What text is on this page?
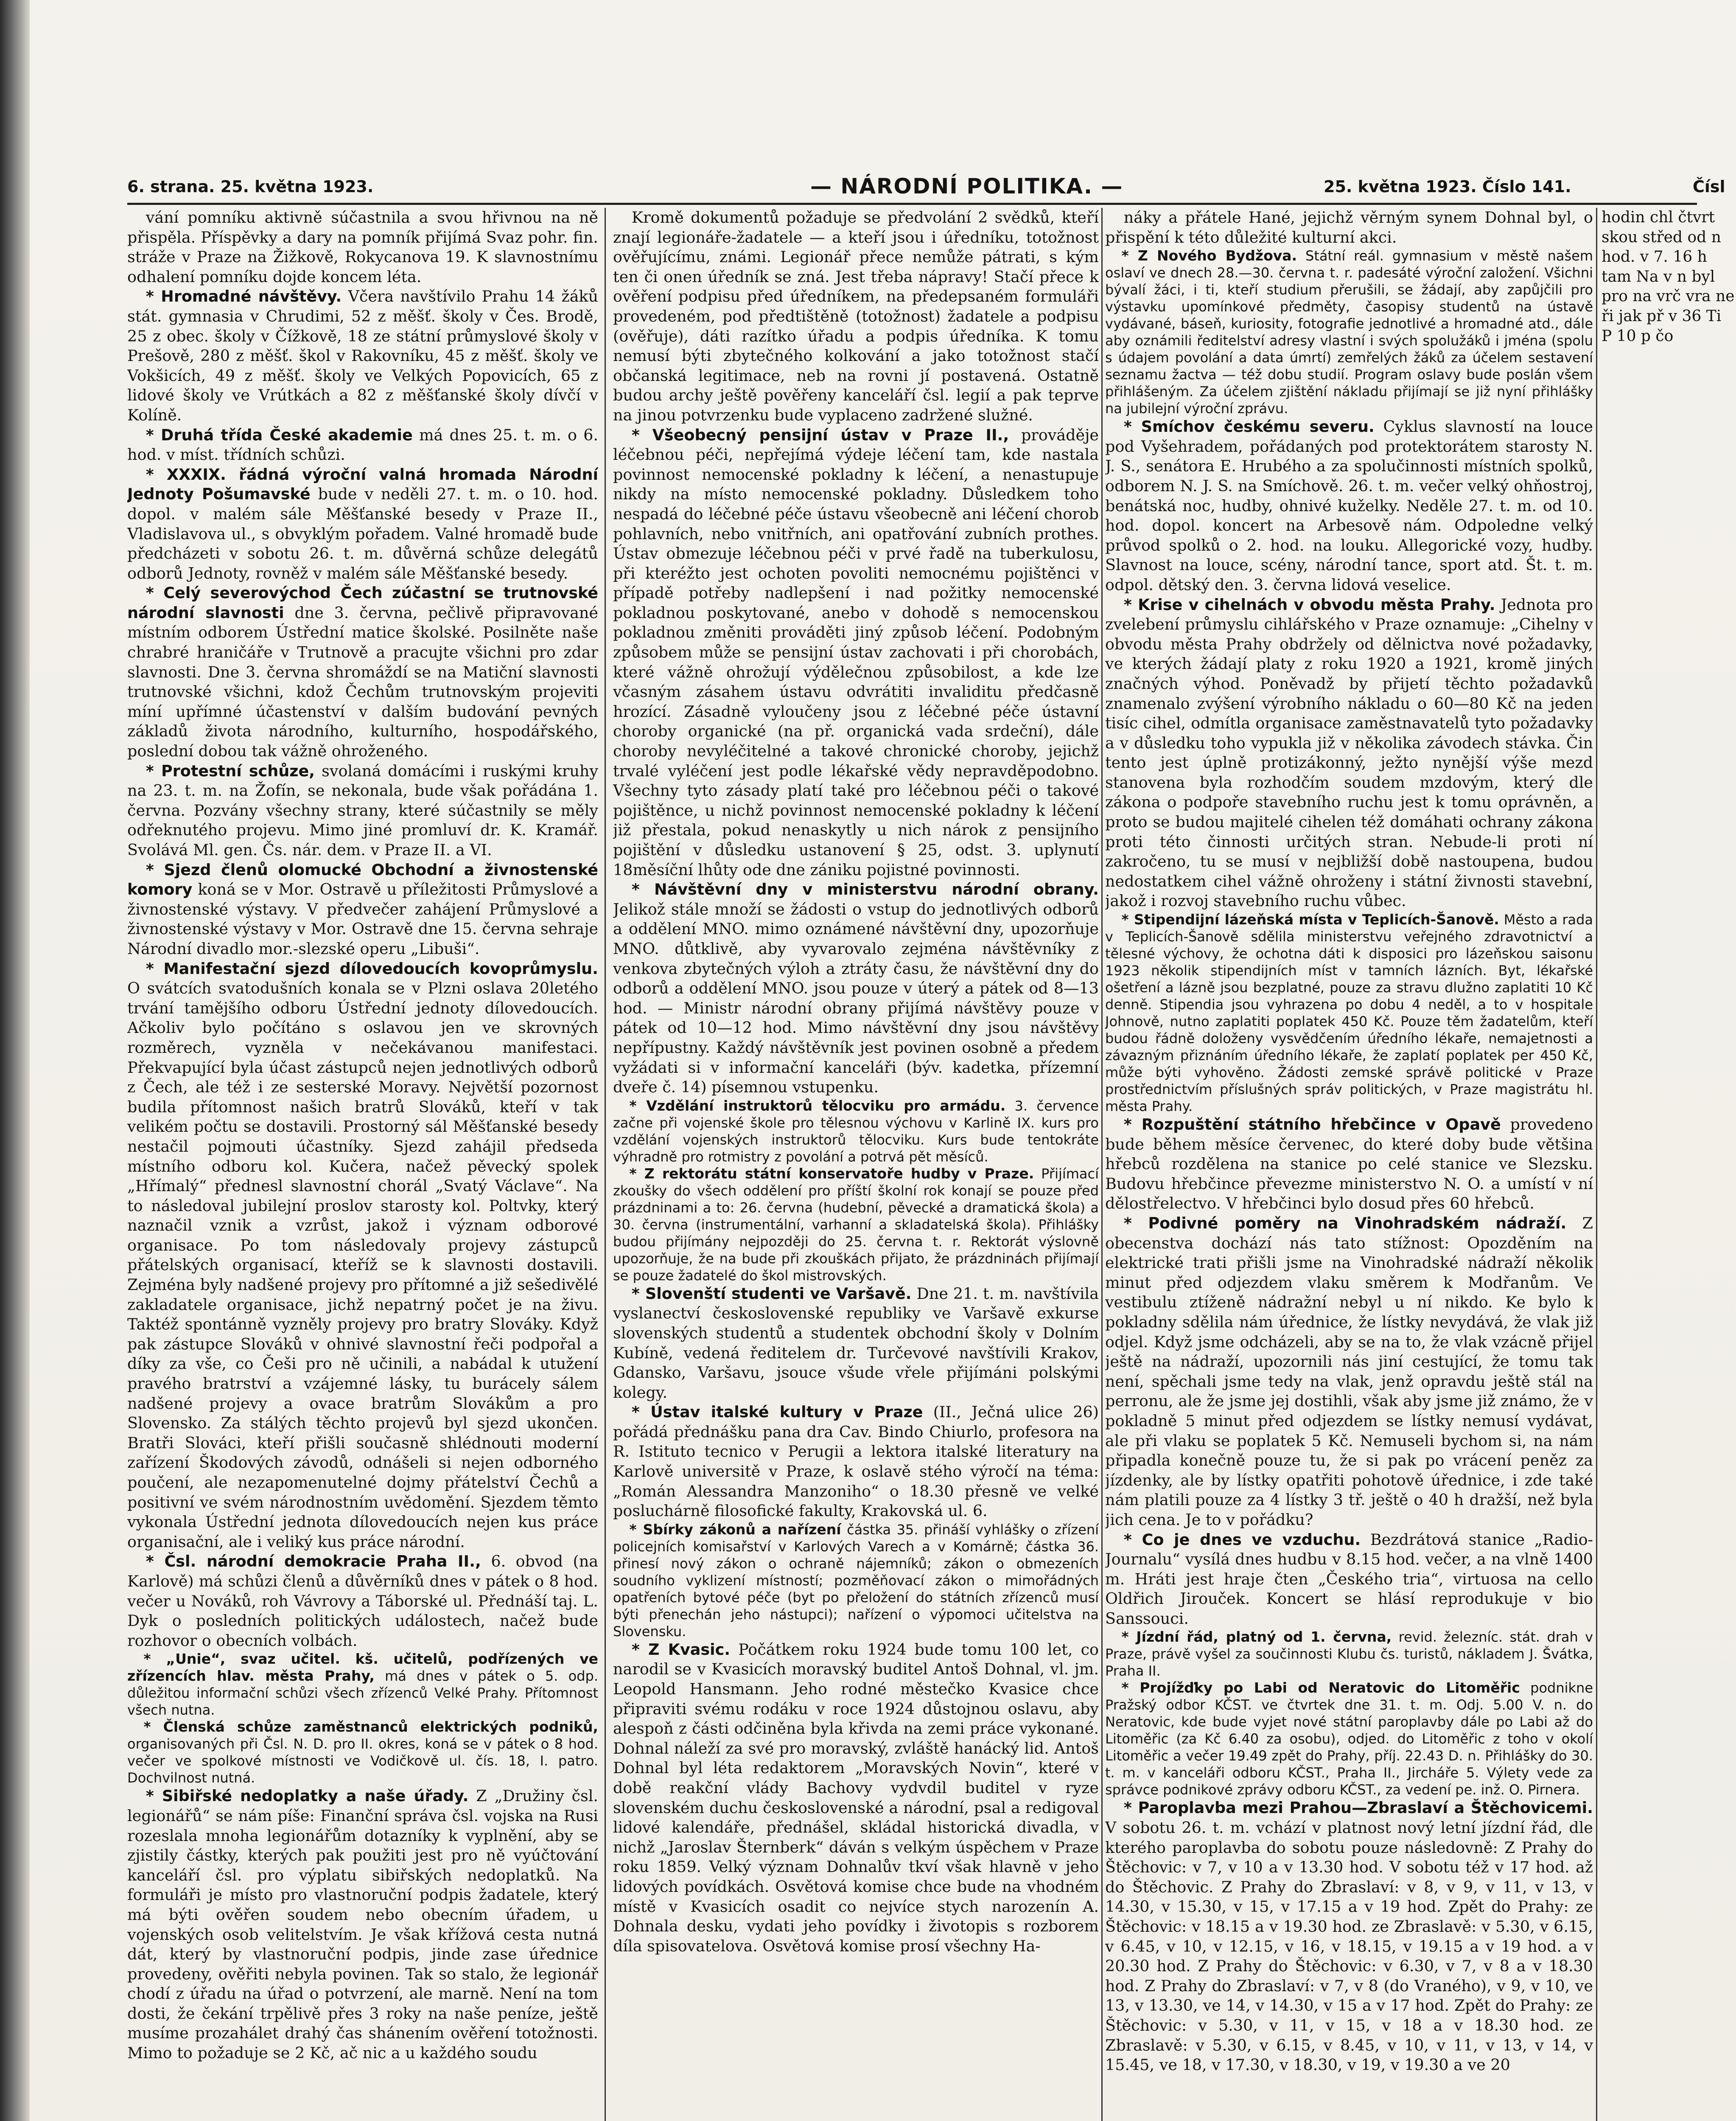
6. strana. 25. května 1923.	— NÁRODNÍ POLITIKA. —	25. května 1923. Číslo 141.	Čísl

vání pomníku aktivně súčastnila a svou hřivnou na ně přispěla. Příspěvky a dary na pomník přijímá Svaz pohr. fin. stráže v Praze na Žižkově, Rokycanova 19. K slavnostnímu odhalení pomníku dojde koncem léta.

* Hromadné návštěvy. Včera navštívilo Prahu 14 žáků stát. gymnasia v Chrudimi, 52 z měšť. školy v Čes. Brodě, 25 z obec. školy v Čížkově, 18 ze státní průmyslové školy v Prešově, 280 z měšť. škol v Rakovníku, 45 z měšť. školy ve Vokšicích, 49 z měšť. školy ve Velkých Popovicích, 65 z lidové školy ve Vrútkách a 82 z měšťanské školy dívčí v Kolíně.

* Druhá třída České akademie má dnes 25. t. m. o 6. hod. v míst. třídních schůzi.

* XXXIX. řádná výroční valná hromada Národní Jednoty Pošumavské bude v neděli 27. t. m. o 10. hod. dopol. v malém sále Měšťanské besedy v Praze II., Vladislavova ul., s obvyklým pořadem. Valné hromadě bude předcházeti v sobotu 26. t. m. důvěrná schůze delegátů odborů Jednoty, rovněž v malém sále Měšťanské besedy.

* Celý severovýchod Čech zúčastní se trutnovské národní slavnosti dne 3. června, pečlivě připravované místním odborem Ústřední matice školské. Posilněte naše chrabré hraničáře v Trutnově a pracujte všichni pro zdar slavnosti. Dne 3. června shromáždí se na Matiční slavnosti trutnovské všichni, kdož Čechům trutnovským projeviti míní upřímné účastenství v dalším budování pevných základů života národního, kulturního, hospodářského, poslední dobou tak vážně ohroženého.

* Protestní schůze, svolaná domácími i ruskými kruhy na 23. t. m. na Žofín, se nekonala, bude však pořádána 1. června. Pozvány všechny strany, které súčastnily se měly odřeknutého projevu. Mimo jiné promluví dr. K. Kramář. Svolává Ml. gen. Čs. nár. dem. v Praze II. a VI.

* Sjezd členů olomucké Obchodní a živnostenské komory koná se v Mor. Ostravě u příležitosti Průmyslové a živnostenské výstavy. V předvečer zahájení Průmyslové a živnostenské výstavy v Mor. Ostravě dne 15. června sehraje Národní divadlo mor.-slezské operu „Libuši“.

* Manifestační sjezd dílovedoucích kovoprůmyslu. O svátcích svatodušních konala se v Plzni oslava 20letého trvání tamějšího odboru Ústřední jednoty dílovedoucích. Ačkoliv bylo počítáno s oslavou jen ve skrovných rozměrech, vyzněla v nečekávanou manifestaci. Překvapující byla účast zástupců nejen jednotlivých odborů z Čech, ale též i ze sesterské Moravy. Největší pozornost budila přítomnost našich bratrů Slováků, kteří v tak velikém počtu se dostavili. Prostorný sál Měšťanské besedy nestačil pojmouti účastníky. Sjezd zahájil předseda místního odboru kol. Kučera, načež pěvecký spolek „Hřímalý“ přednesl slavnostní chorál „Svatý Václave“. Na to následoval jubilejní proslov starosty kol. Poltvky, který naznačil vznik a vzrůst, jakož i význam odborové organisace. Po tom následovaly projevy zástupců přátelských organisací, kteříž se k slavnosti dostavili. Zejména byly nadšené projevy pro přítomné a již sešedivělé zakladatele organisace, jichž nepatrný počet je na živu. Taktéž spontánně vyzněly projevy pro bratry Slováky. Když pak zástupce Slováků v ohnivé slavnostní řeči podpořal a díky za vše, co Češi pro ně učinili, a nabádal k utužení pravého bratrství a vzájemné lásky, tu burácely sálem nadšené projevy a ovace bratrům Slovákům a pro Slovensko. Za stálých těchto projevů byl sjezd ukončen. Bratři Slováci, kteří přišli současně shlédnouti moderní zařízení Škodových závodů, odnášeli si nejen odborného poučení, ale nezapomenutelné dojmy přátelství Čechů a positivní ve svém národnostním uvědomění. Sjezdem těmto vykonala Ústřední jednota dílovedoucích nejen kus práce organisační, ale i veliký kus práce národní.

* Čsl. národní demokracie Praha II., 6. obvod (na Karlově) má schůzi členů a důvěrníků dnes v pátek o 8 hod. večer u Nováků, roh Vávrovy a Táborské ul. Přednáší taj. L. Dyk o posledních politických událostech, načež bude rozhovor o obecních volbách.

* „Unie“, svaz učitel. kš. učitelů, podřízených ve zřízencích hlav. města Prahy, má dnes v pátek o 5. odp. důležitou informační schůzi všech zřízenců Velké Prahy. Přítomnost všech nutna.

* Členská schůze zaměstnanců elektrických podniků, organisovaných při Čsl. N. D. pro II. okres, koná se v pátek o 8 hod. večer ve spolkové místnosti ve Vodičkově ul. čís. 18, I. patro. Dochvilnost nutná.

* Sibiřské nedoplatky a naše úřady. Z „Družiny čsl. legionářů“ se nám píše: Finanční správa čsl. vojska na Rusi rozeslala mnoha legionářům dotazníky k vyplnění, aby se zjistily částky, kterých pak použiti jest pro ně vyúčtování kanceláří čsl. pro výplatu sibiřských nedoplatků. Na formuláři je místo pro vlastnoruční podpis žadatele, který má býti ověřen soudem nebo obecním úřadem, u vojenských osob velitelstvím. Je však křížová cesta nutná dát, který by vlastnoruční podpis, jinde zase úřednice provedeny, ověřiti nebyla povinen. Tak so stalo, že legionář chodí z úřadu na úřad o potvrzení, ale marně. Není na tom dosti, že čekání trpělivě přes 3 roky na naše peníze, ještě musíme prozahálet drahý čas shánením ověření totožnosti. Mimo to požaduje se 2 Kč, ač nic a u každého soudu

Kromě dokumentů požaduje se předvolání 2 svědků, kteří znají legionáře-žadatele — a kteří jsou i úředníku, totožnost ověřujícímu, známi. Legionář přece nemůže pátrati, s kým ten či onen úředník se zná. Jest třeba nápravy! Stačí přece k ověření podpisu před úředníkem, na předepsaném formuláři provedeném, pod předtištěně (totožnost) žadatele a podpisu (ověřuje), dáti razítko úřadu a podpis úředníka. K tomu nemusí býti zbytečného kolkování a jako totožnost stačí občanská legitimace, neb na rovni jí postavená. Ostatně budou archy ještě pověřeny kanceláří čsl. legií a pak teprve na jinou potvrzenku bude vyplaceno zadržené služné.

* Všeobecný pensijní ústav v Praze II., prováděje léčebnou péči, nepřejímá výdeje léčení tam, kde nastala povinnost nemocenské pokladny k léčení, a nenastupuje nikdy na místo nemocenské pokladny. Důsledkem toho nespadá do léčebné péče ústavu všeobecně ani léčení chorob pohlavních, nebo vnitřních, ani opatřování zubních prothes. Ústav obmezuje léčebnou péči v prvé řadě na tuberkulosu, při kteréžto jest ochoten povoliti nemocnému pojištěnci v případě potřeby nadlepšení i nad požitky nemocenské pokladnou poskytované, anebo v dohodě s nemocenskou pokladnou změniti prováděti jiný způsob léčení. Podobným způsobem může se pensijní ústav zachovati i při chorobách, které vážně ohrožují výdělečnou způsobilost, a kde lze včasným zásahem ústavu odvrátiti invaliditu předčasně hrozící. Zásadně vyloučeny jsou z léčebné péče ústavní choroby organické (na př. organická vada srdeční), dále choroby nevyléčitelné a takové chronické choroby, jejichž trvalé vyléčení jest podle lékařské vědy nepravděpodobno. Všechny tyto zásady platí také pro léčebnou péči o takové pojištěnce, u nichž povinnost nemocenské pokladny k léčení již přestala, pokud nenaskytly u nich nárok z pensijního pojištění v důsledku ustanovení § 25, odst. 3. uplynutí 18měsíční lhůty ode dne zániku pojistné povinnosti.

* Návštěvní dny v ministerstvu národní obrany. Jelikož stále množí se žádosti o vstup do jednotlivých odborů a oddělení MNO. mimo oznámené návštěvní dny, upozorňuje MNO. důtklivě, aby vyvarovalo zejména návštěvníky z venkova zbytečných výloh a ztráty času, že návštěvní dny do odborů a oddělení MNO. jsou pouze v úterý a pátek od 8—13 hod. — Ministr národní obrany přijímá návštěvy pouze v pátek od 10—12 hod. Mimo návštěvní dny jsou návštěvy nepřípustny. Každý návštěvník jest povinen osobně a předem vyžádati si v informační kanceláři (býv. kadetka, přízemní dveře č. 14) písemnou vstupenku.

* Vzdělání instruktorů tělocviku pro armádu. 3. července začne při vojenské škole pro tělesnou výchovu v Karlině IX. kurs pro vzdělání vojenských instruktorů tělocviku. Kurs bude tentokráte výhradně pro rotmistry z povolání a potrvá pět měsíců.

* Z rektorátu státní konservatoře hudby v Praze. Přijímací zkoušky do všech oddělení pro příští školní rok konají se pouze před prázdninami a to: 26. června (hudební, pěvecké a dramatická škola) a 30. června (instrumentální, varhanní a skladatelská škola). Přihlášky budou přijímány nejpozději do 25. června t. r. Rektorát výslovně upozorňuje, že na bude při zkouškách přijato, že prázdninách přijímají se pouze žadatelé do škol mistrovských.

* Slovenští studenti ve Varšavě. Dne 21. t. m. navštívila vyslanectví československé republiky ve Varšavě exkurse slovenských studentů a studentek obchodní školy v Dolním Kubíně, vedená ředitelem dr. Turčevové navštívili Krakov, Gdansko, Varšavu, jsouce všude vřele přijímáni polskými kolegy.

* Ústav italské kultury v Praze (II., Ječná ulice 26) pořádá přednášku pana dra Cav. Bindo Chiurlo, profesora na R. Istituto tecnico v Perugii a lektora italské literatury na Karlově universitě v Praze, k oslavě stého výročí na téma: „Román Alessandra Manzoniho“ o 18.30 přesně ve velké posluchárně filosofické fakulty, Krakovská ul. 6.

* Sbírky zákonů a nařízení částka 35. přináší vyhlášky o zřízení policejních komisařství v Karlových Varech a v Komárně; částka 36. přinesí nový zákon o ochraně nájemníků; zákon o obmezeních soudního vyklizení místností; pozměňovací zákon o mimořádných opatřeních bytové péče (byt po přeložení do státních zřízenců musí býti přenechán jeho nástupci); nařízení o výpomoci učitelstva na Slovensku.

* Z Kvasic. Počátkem roku 1924 bude tomu 100 let, co narodil se v Kvasicích moravský buditel Antoš Dohnal, vl. jm. Leopold Hansmann. Jeho rodné městečko Kvasice chce připraviti svému rodáku v roce 1924 důstojnou oslavu, aby alespoň z části odčiněna byla křivda na zemi práce vykonané. Dohnal náleží za své pro moravský, zvláště hanácký lid. Antoš Dohnal byl léta redaktorem „Moravských Novin“, které v době reakční vlády Bachovy vydvdil buditel v ryze slovenském duchu československé a národní, psal a redigoval lidové kalendáře, přednášel, skládal historická divadla, v nichž „Jaroslav Šternberk“ dáván s velkým úspěchem v Praze roku 1859. Velký význam Dohnalův tkví však hlavně v jeho lidových povídkách. Osvětová komise chce bude na vhodném místě v Kvasicích osadit co nejvíce stych narozenín A. Dohnala desku, vydati jeho povídky i životopis s rozborem díla spisovatelova. Osvětová komise prosí všechny Ha-

náky a přátele Hané, jejichž věrným synem Dohnal byl, o přispění k této důležité kulturní akci.

* Z Nového Bydžova. Státní reál. gymnasium v městě našem oslaví ve dnech 28.—30. června t. r. padesáté výroční založení. Všichni bývalí žáci, i ti, kteří studium přerušili, se žádají, aby zapůjčili pro výstavku upomínkové předměty, časopisy studentů na ústavě vydávané, báseň, kuriosity, fotografie jednotlivé a hromadné atd., dále aby oznámili ředitelství adresy vlastní i svých spolužáků i jména (spolu s údajem povolání a data úmrtí) zemřelých žáků za účelem sestavení seznamu žactva — též dobu studií. Program oslavy bude poslán všem přihlášeným. Za účelem zjištění nákladu přijímají se již nyní přihlášky na jubilejní výroční zprávu.

* Smíchov českému severu. Cyklus slavností na louce pod Vyšehradem, pořádaných pod protektorátem starosty N. J. S., senátora E. Hrubého a za spolučinnosti místních spolků, odborem N. J. S. na Smíchově. 26. t. m. večer velký ohňostroj, benátská noc, hudby, ohnivé kuželky. Neděle 27. t. m. od 10. hod. dopol. koncert na Arbesově nám. Odpoledne velký průvod spolků o 2. hod. na louku. Allegorické vozy, hudby. Slavnost na louce, scény, národní tance, sport atd. Št. t. m. odpol. dětský den. 3. června lidová veselice.

* Krise v cihelnách v obvodu města Prahy. Jednota pro zvelebení průmyslu cihlářského v Praze oznamuje: „Cihelny v obvodu města Prahy obdržely od dělnictva nové požadavky, ve kterých žádají platy z roku 1920 a 1921, kromě jiných značných výhod. Poněvadž by přijetí těchto požadavků znamenalo zvýšení výrobního nákladu o 60—80 Kč na jeden tisíc cihel, odmítla organisace zaměstnavatelů tyto požadavky a v důsledku toho vypukla již v několika závodech stávka. Čin tento jest úplně protizákonný, ježto nynější výše mezd stanovena byla rozhodčím soudem mzdovým, který dle zákona o podpoře stavebního ruchu jest k tomu oprávněn, a proto se budou majitelé cihelen též domáhati ochrany zákona proti této činnosti určitých stran. Nebude-li proti ní zakročeno, tu se musí v nejbližší době nastoupena, budou nedostatkem cihel vážně ohroženy i státní živnosti stavební, jakož i rozvoj stavebního ruchu vůbec.

* Stipendijní lázeňská místa v Teplicích-Šanově. Město a rada v Teplicích-Šanově sdělila ministerstvu veřejného zdravotnictví a tělesné výchovy, že ochotna dáti k disposici pro lázeňskou saisonu 1923 několik stipendijních míst v tamních lázních. Byt, lékařské ošetření a lázně jsou bezplatné, pouze za stravu dlužno zaplatiti 10 Kč denně. Stipendia jsou vyhrazena po dobu 4 neděl, a to v hospitale Johnově, nutno zaplatiti poplatek 450 Kč. Pouze těm žadatelům, kteří budou řádně doloženy vysvědčením úředního lékaře, nemajetnosti a závazným přiznáním úředního lékaře, že zaplatí poplatek per 450 Kč, může býti vyhověno. Žádosti zemské správě politické v Praze prostřednictvím příslušných správ politických, v Praze magistrátu hl. města Prahy.

* Rozpuštění státního hřebčince v Opavě provedeno bude během měsíce červenec, do které doby bude většina hřebců rozdělena na stanice po celé stanice ve Slezsku. Budovu hřebčince převezme ministerstvo N. O. a umístí v ní dělostřelectvo. V hřebčinci bylo dosud přes 60 hřebců.

* Podivné poměry na Vinohradském nádraží. Z obecenstva dochází nás tato stížnost: Opozděním na elektrické trati přišli jsme na Vinohradské nádraží několik minut před odjezdem vlaku směrem k Modřanům. Ve vestibulu ztíženě nádražní nebyl u ní nikdo. Ke bylo k pokladny sdělila nám úřednice, že lístky nevydává, že vlak již odjel. Když jsme odcházeli, aby se na to, že vlak vzácně přijel ještě na nádraží, upozornili nás jiní cestující, že tomu tak není, spěchali jsme tedy na vlak, jenž opravdu ještě stál na perronu, ale že jsme jej dostihli, však aby jsme již známo, že v pokladně 5 minut před odjezdem se lístky nemusí vydávat, ale při vlaku se poplatek 5 Kč. Nemuseli bychom si, na nám připadla konečně pouze tu, že si pak po vrácení peněz za jízdenky, ale by lístky opatřiti pohotově úřednice, i zde také nám platili pouze za 4 lístky 3 tř. ještě o 40 h dražší, než byla jich cena. Je to v pořádku?

* Co je dnes ve vzduchu. Bezdrátová stanice „Radio-Journalu“ vysílá dnes hudbu v 8.15 hod. večer, a na vlně 1400 m. Hráti jest hraje čten „Českého tria“, virtuosa na cello Oldřich Jirouček. Koncert se hlásí reprodukuje v bio Sanssouci.

* Jízdní řád, platný od 1. června, revid. železníc. stát. drah v Praze, právě vyšel za součinnosti Klubu čs. turistů, nákladem J. Švátka, Praha II.

* Projížďky po Labi od Neratovic do Litoměřic podnikne Pražský odbor KČST. ve čtvrtek dne 31. t. m. Odj. 5.00 V. n. do Neratovic, kde bude vyjet nové státní paroplavby dále po Labi až do Litoměřic (za Kč 6.40 za osobu), odjed. do Litoměřic z toho v okolí Litoměřic a večer 19.49 zpět do Prahy, příj. 22.43 D. n. Přihlášky do 30. t. m. v kanceláři odboru KČST., Praha II., Jircháře 5. Výlety vede za správce podnikové zprávy odboru KČST., za vedení pe. inž. O. Pirnera.

* Paroplavba mezi Prahou—Zbraslaví a Štěchovicemi. V sobotu 26. t. m. vchází v platnost nový letní jízdní řád, dle kterého paroplavba do sobotu pouze následovně: Z Prahy do Štěchovic: v 7, v 10 a v 13.30 hod. V sobotu též v 17 hod. až do Štěchovic. Z Prahy do Zbraslaví: v 8, v 9, v 11, v 13, v 14.30, v 15.30, v 15, v 17.15 a v 19 hod. Zpět do Prahy: ze Štěchovic: v 18.15 a v 19.30 hod. ze Zbraslavě: v 5.30, v 6.15, v 6.45, v 10, v 12.15, v 16, v 18.15, v 19.15 a v 19 hod. a v 20.30 hod. Z Prahy do Štěchovic: v 6.30, v 7, v 8 a v 18.30 hod. Z Prahy do Zbraslaví: v 7, v 8 (do Vraného), v 9, v 10, ve 13, v 13.30, ve 14, v 14.30, v 15 a v 17 hod. Zpět do Prahy: ze Štěchovic: v 5.30, v 11, v 15, v 18 a v 18.30 hod. ze Zbraslavě: v 5.30, v 6.15, v 8.45, v 10, v 11, v 13, v 14, v 15.45, ve 18, v 17.30, v 18.30, v 19, v 19.30 a ve 20

hodin chl čtvrt skou střed od n hod. v 7. 16 h tam Na v n byl pro na vrč vra ne ři jak př v 36 Ti P 10 p čo
